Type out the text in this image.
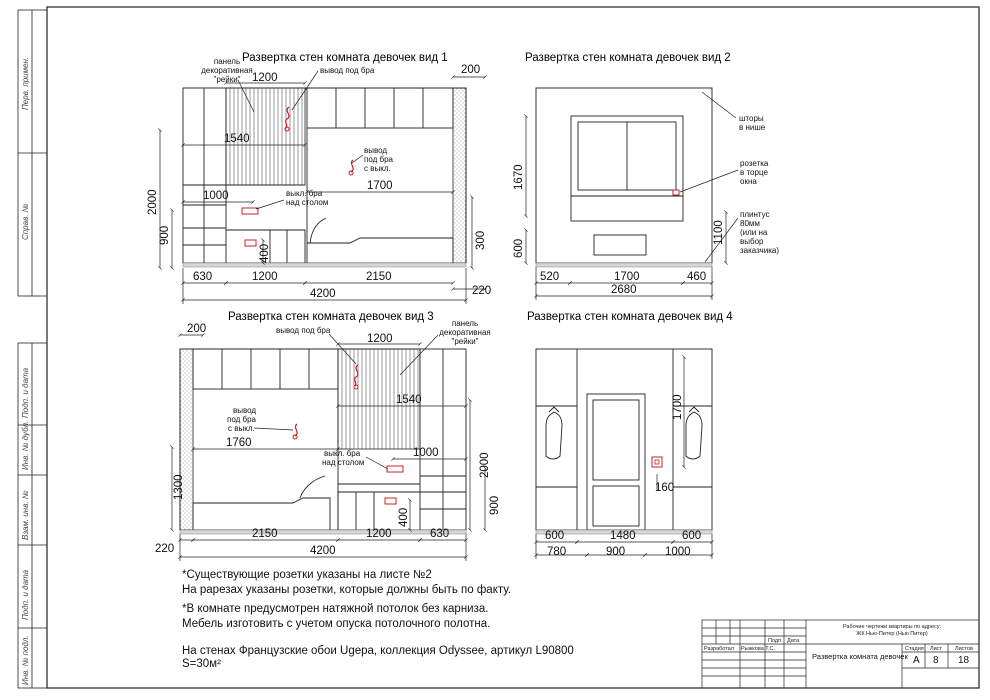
Перв. примен.
Справ. №
Подп. и дата
Инв. № дубл.
Взам. инв. №
Подп. и дата
Инв. № подл.
Развертка стен комната девочек вид 1
1200
200
1540
1000
1700
2000
900
400
300
630	1200	2150
4200	220
панель
декоративная
"рейки"
вывод под бра
вывод
под бра
с выкл.
выкл. бра
над столом
Развертка стен комната девочек вид 2
1670
600
1100
520	1700	460
2680
шторы
в нише
розетка
в торце
окна
плинтус
80мм
(или на
выбор
заказчика)
Развертка стен комната девочек вид 3
200
1200
1540
1760
1000	2000
1300
900
400
220
2150	1200	630
4200
вывод под бра
панель
декоративная
"рейки"
вывод
под бра
с выкл.
выкл. бра
над столом
Развертка стен комната девочек вид 4
1700
160
600	1480	600
780	900	1000
Рабочие чертежи квартиры по адресу:
ЖК Нью-Питер (Нью Питер)
Разработал Рыжкова Т.С.
Подп. Дата
Стадия Лист Листов
Развертка комната девочек А 8 18
*Существующие розетки указаны на листе №2
На рарезах указаны розетки, которые должны быть по факту.
*В комнате предусмотрен натяжной потолок без карниза.
Мебель изготовить с учетом опуска потолочного полотна.
На стенах Французские обои Ugepa, коллекция Odyssee, артикул L90800
S=30м²
